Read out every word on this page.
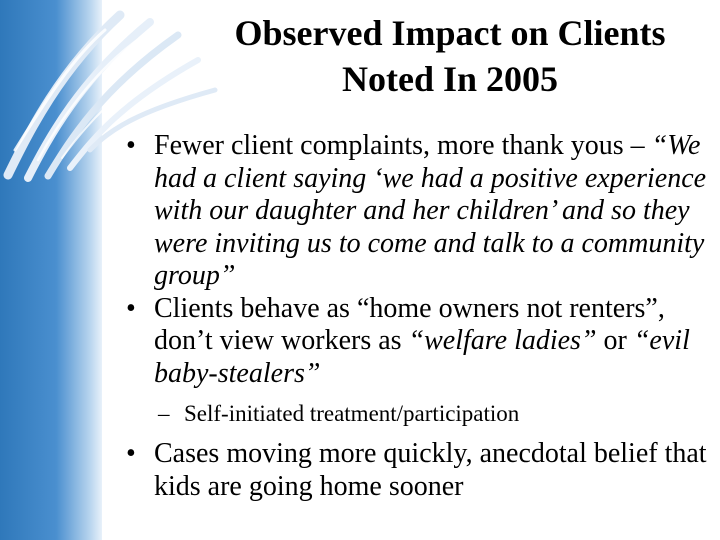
Observed Impact on Clients
Noted In 2005
• Fewer client complaints, more thank yous – “We had a client saying ‘we had a positive experience with our daughter and her children’ and so they were inviting us to come and talk to a community group”
• Clients behave as “home owners not renters”, don’t view workers as “welfare ladies” or “evil baby-stealers”
– Self-initiated treatment/participation
• Cases moving more quickly, anecdotal belief that kids are going home sooner
